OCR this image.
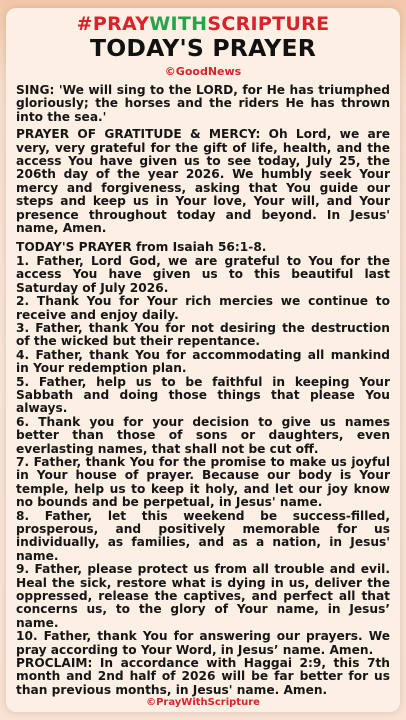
#PRAYWITHSCRIPTURE
TODAY'S PRAYER
©GoodNews

SING: 'We will sing to the LORD, for He has triumphed gloriously; the horses and the riders He has thrown into the sea.'

PRAYER OF GRATITUDE & MERCY: Oh Lord, we are very, very grateful for the gift of life, health, and the access You have given us to see today, July 25, the 206th day of the year 2026. We humbly seek Your mercy and forgiveness, asking that You guide our steps and keep us in Your love, Your will, and Your presence throughout today and beyond. In Jesus' name, Amen.

TODAY'S PRAYER from Isaiah 56:1-8.

1. Father, Lord God, we are grateful to You for the access You have given us to this beautiful last Saturday of July 2026.

2. Thank You for Your rich mercies we continue to receive and enjoy daily.

3. Father, thank You for not desiring the destruction of the wicked but their repentance.

4. Father, thank You for accommodating all mankind in Your redemption plan.

5. Father, help us to be faithful in keeping Your Sabbath and doing those things that please You always.

6. Thank you for your decision to give us names better than those of sons or daughters, even everlasting names, that shall not be cut off.

7. Father, thank You for the promise to make us joyful in Your house of prayer. Because our body is Your temple, help us to keep it holy, and let our joy know no bounds and be perpetual, in Jesus' name.

8. Father, let this weekend be success-filled, prosperous, and positively memorable for us individually, as families, and as a nation, in Jesus' name.

9. Father, please protect us from all trouble and evil. Heal the sick, restore what is dying in us, deliver the oppressed, release the captives, and perfect all that concerns us, to the glory of Your name, in Jesus’ name.

10. Father, thank You for answering our prayers. We pray according to Your Word, in Jesus’ name. Amen.

PROCLAIM: In accordance with Haggai 2:9, this 7th month and 2nd half of 2026 will be far better for us than previous months, in Jesus' name. Amen.

©PrayWithScripture
